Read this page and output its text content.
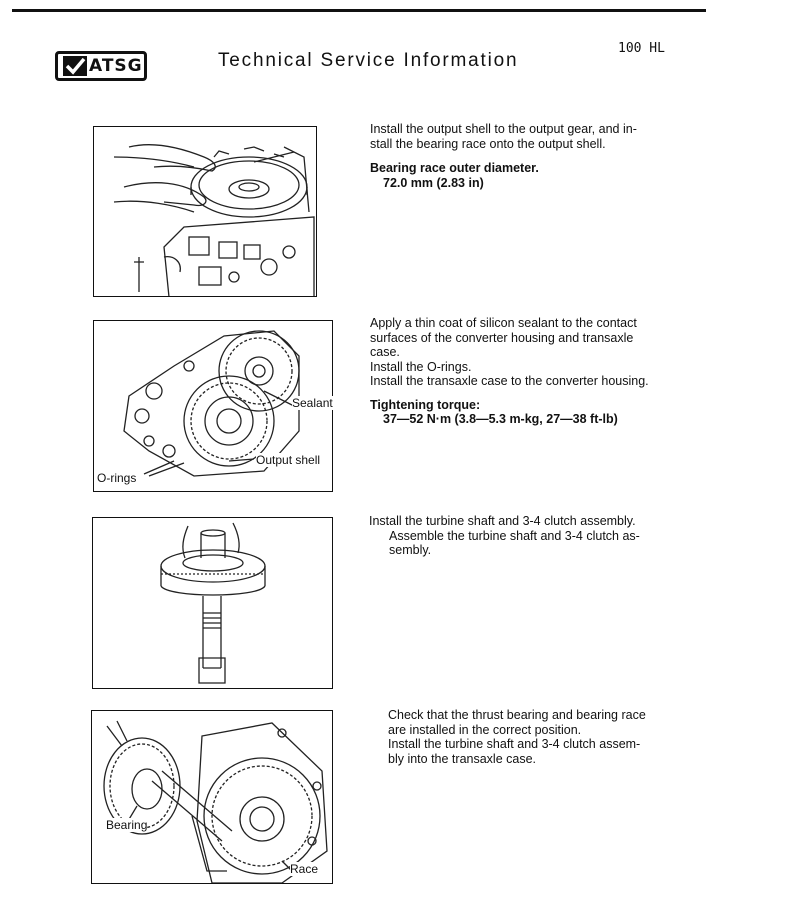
ATSG	Technical Service Information
100 HL

Install the output shell to the output gear, and in-

stall the bearing race onto the output shell.

Bearing race outer diameter.

72.0 mm (2.83 in)

Sealant
Output shell
O-rings

Apply a thin coat of silicon sealant to the contact

surfaces of the converter housing and transaxle

case.

Install the O-rings.

Install the transaxle case to the converter housing.

Tightening torque:

37—52 N·m (3.8—5.3 m-kg, 27—38 ft-lb)

Install the turbine shaft and 3-4 clutch assembly.

Assemble the turbine shaft and 3-4 clutch as-

sembly.

Bearing
Race

Check that the thrust bearing and bearing race

are installed in the correct position.

Install the turbine shaft and 3-4 clutch assem-

bly into the transaxle case.
